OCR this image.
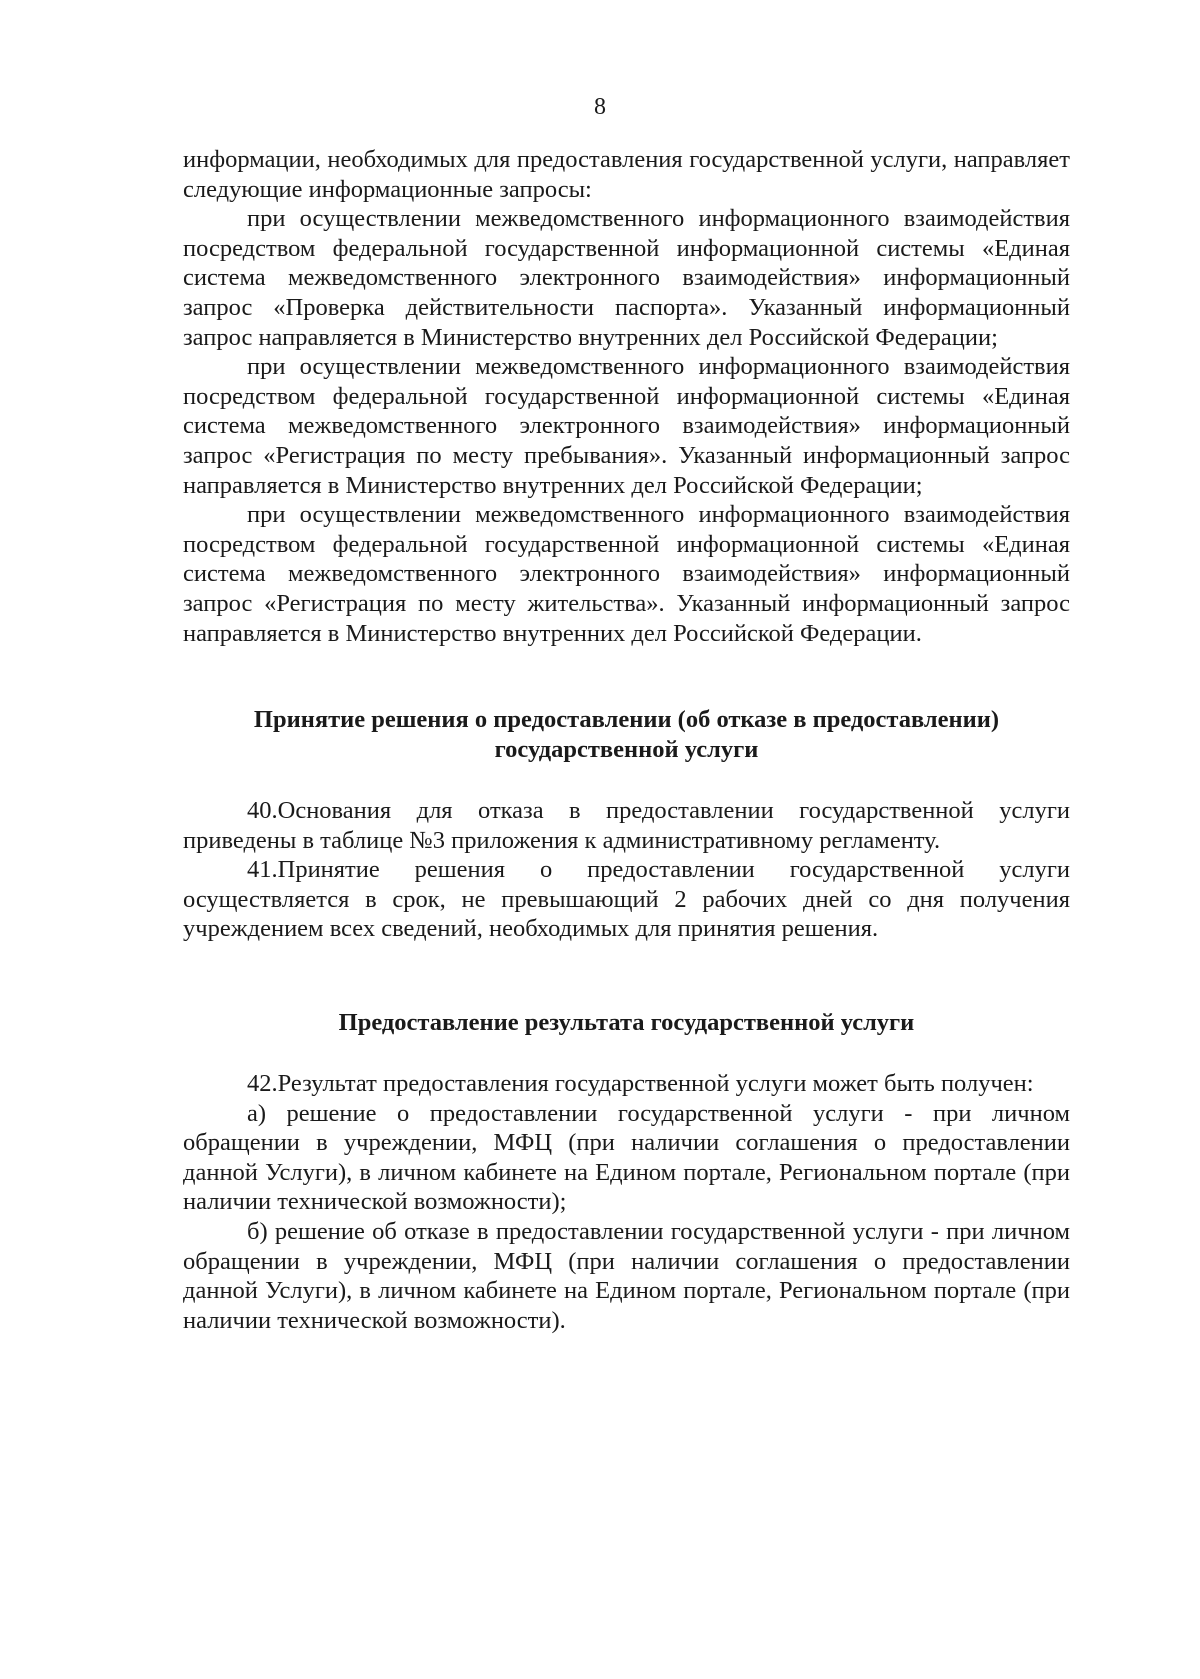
8

информации, необходимых для предоставления государственной услуги, направляет следующие информационные запросы:

при осуществлении межведомственного информационного взаимодействия посредством федеральной государственной информационной системы «Единая система межведомственного электронного взаимодействия» информационный запрос «Проверка действительности паспорта». Указанный информационный запрос направляется в Министерство внутренних дел Российской Федерации;

при осуществлении межведомственного информационного взаимодействия посредством федеральной государственной информационной системы «Единая система межведомственного электронного взаимодействия» информационный запрос «Регистрация по месту пребывания». Указанный информационный запрос направляется в Министерство внутренних дел Российской Федерации;

при осуществлении межведомственного информационного взаимодействия посредством федеральной государственной информационной системы «Единая система межведомственного электронного взаимодействия» информационный запрос «Регистрация по месту жительства». Указанный информационный запрос направляется в Министерство внутренних дел Российской Федерации.

Принятие решения о предоставлении (об отказе в предоставлении)
государственной услуги

40.Основания для отказа в предоставлении государственной услуги приведены в таблице №3 приложения к административному регламенту.

41.Принятие решения о предоставлении государственной услуги осуществляется в срок, не превышающий 2 рабочих дней со дня получения учреждением всех сведений, необходимых для принятия решения.

Предоставление результата государственной услуги

42.Результат предоставления государственной услуги может быть получен:

а) решение о предоставлении государственной услуги - при личном обращении в учреждении, МФЦ (при наличии соглашения о предоставлении данной Услуги), в личном кабинете на Едином портале, Региональном портале (при наличии технической возможности);

б) решение об отказе в предоставлении государственной услуги - при личном обращении в учреждении, МФЦ (при наличии соглашения о предоставлении данной Услуги), в личном кабинете на Едином портале, Региональном портале (при наличии технической возможности).
